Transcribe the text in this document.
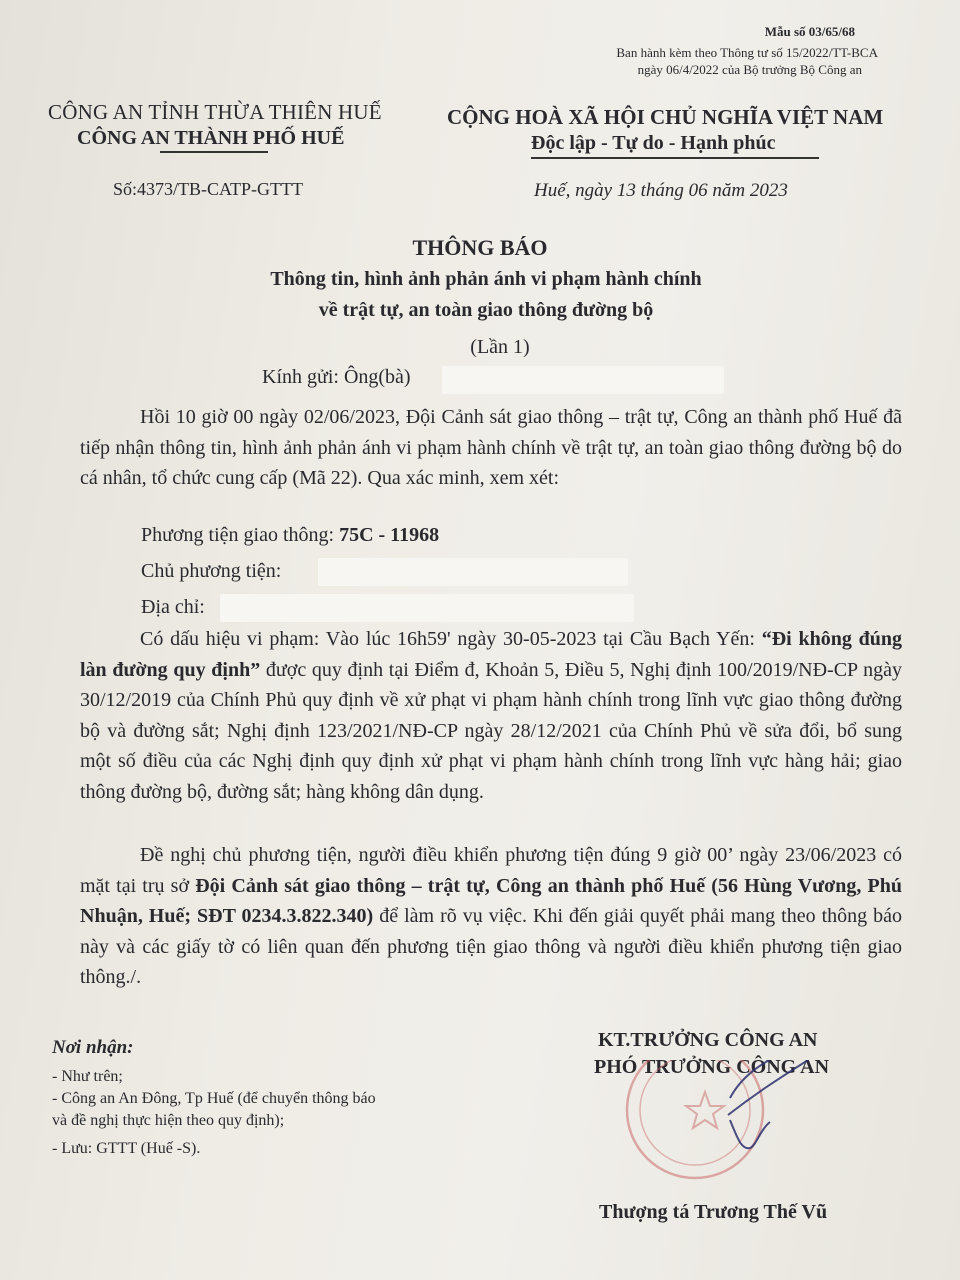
Mẫu số 03/65/68
Ban hành kèm theo Thông tư số 15/2022/TT-BCA
ngày 06/4/2022 của Bộ trưởng Bộ Công an
CÔNG AN TỈNH THỪA THIÊN HUẾ
CÔNG AN THÀNH PHỐ HUẾ
Số:4373/TB-CATP-GTTT
CỘNG HOÀ XÃ HỘI CHỦ NGHĨA VIỆT NAM
Độc lập - Tự do - Hạnh phúc
Huế, ngày 13 tháng 06 năm 2023
THÔNG BÁO
Thông tin, hình ảnh phản ánh vi phạm hành chính
về trật tự, an toàn giao thông đường bộ
(Lần 1)
Kính gửi: Ông(bà)
Hồi 10 giờ 00 ngày 02/06/2023, Đội Cảnh sát giao thông – trật tự, Công an thành phố Huế đã tiếp nhận thông tin, hình ảnh phản ánh vi phạm hành chính về trật tự, an toàn giao thông đường bộ do cá nhân, tổ chức cung cấp (Mã 22). Qua xác minh, xem xét:
Phương tiện giao thông: 75C - 11968
Chủ phương tiện:
Địa chỉ:
Có dấu hiệu vi phạm: Vào lúc 16h59' ngày 30-05-2023 tại Cầu Bạch Yến: “Đi không đúng làn đường quy định” được quy định tại Điểm đ, Khoản 5, Điều 5, Nghị định 100/2019/NĐ-CP ngày 30/12/2019 của Chính Phủ quy định về xử phạt vi phạm hành chính trong lĩnh vực giao thông đường bộ và đường sắt; Nghị định 123/2021/NĐ-CP ngày 28/12/2021 của Chính Phủ về sửa đổi, bổ sung một số điều của các Nghị định quy định xử phạt vi phạm hành chính trong lĩnh vực hàng hải; giao thông đường bộ, đường sắt; hàng không dân dụng.
Đề nghị chủ phương tiện, người điều khiển phương tiện đúng 9 giờ 00’ ngày 23/06/2023 có mặt tại trụ sở Đội Cảnh sát giao thông – trật tự, Công an thành phố Huế (56 Hùng Vương, Phú Nhuận, Huế; SĐT 0234.3.822.340) để làm rõ vụ việc. Khi đến giải quyết phải mang theo thông báo này và các giấy tờ có liên quan đến phương tiện giao thông và người điều khiển phương tiện giao thông./.
Nơi nhận:
- Như trên;
- Công an An Đông, Tp Huế (để chuyển thông báo
và đề nghị thực hiện theo quy định);
- Lưu: GTTT (Huế -S).
KT.TRƯỞNG CÔNG AN
PHÓ TRƯỞNG CÔNG AN
Thượng tá Trương Thế Vũ
